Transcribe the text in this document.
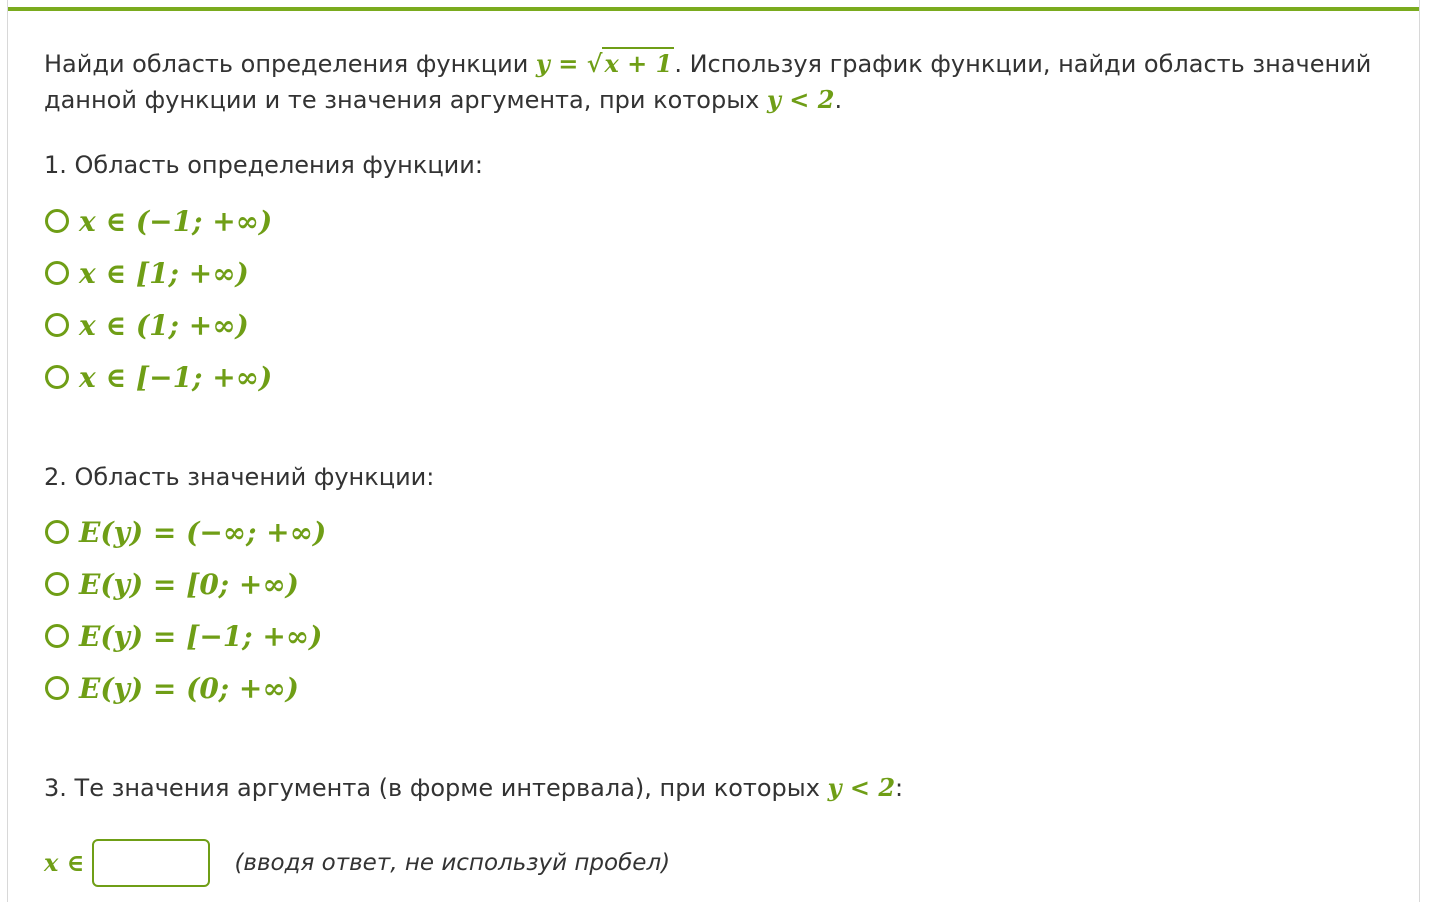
Найди область определения функции y = √x + 1. Используя график функции, найди область значений данной функции и те значения аргумента, при которых y < 2.
1. Область определения функции:
x ∈ (−1; +∞)
x ∈ [1; +∞)
x ∈ (1; +∞)
x ∈ [−1; +∞)
2. Область значений функции:
E(y) = (−∞; +∞)
E(y) = [0; +∞)
E(y) = [−1; +∞)
E(y) = (0; +∞)
3. Те значения аргумента (в форме интервала), при которых y < 2:
x ∈	(вводя ответ, не используй пробел)
